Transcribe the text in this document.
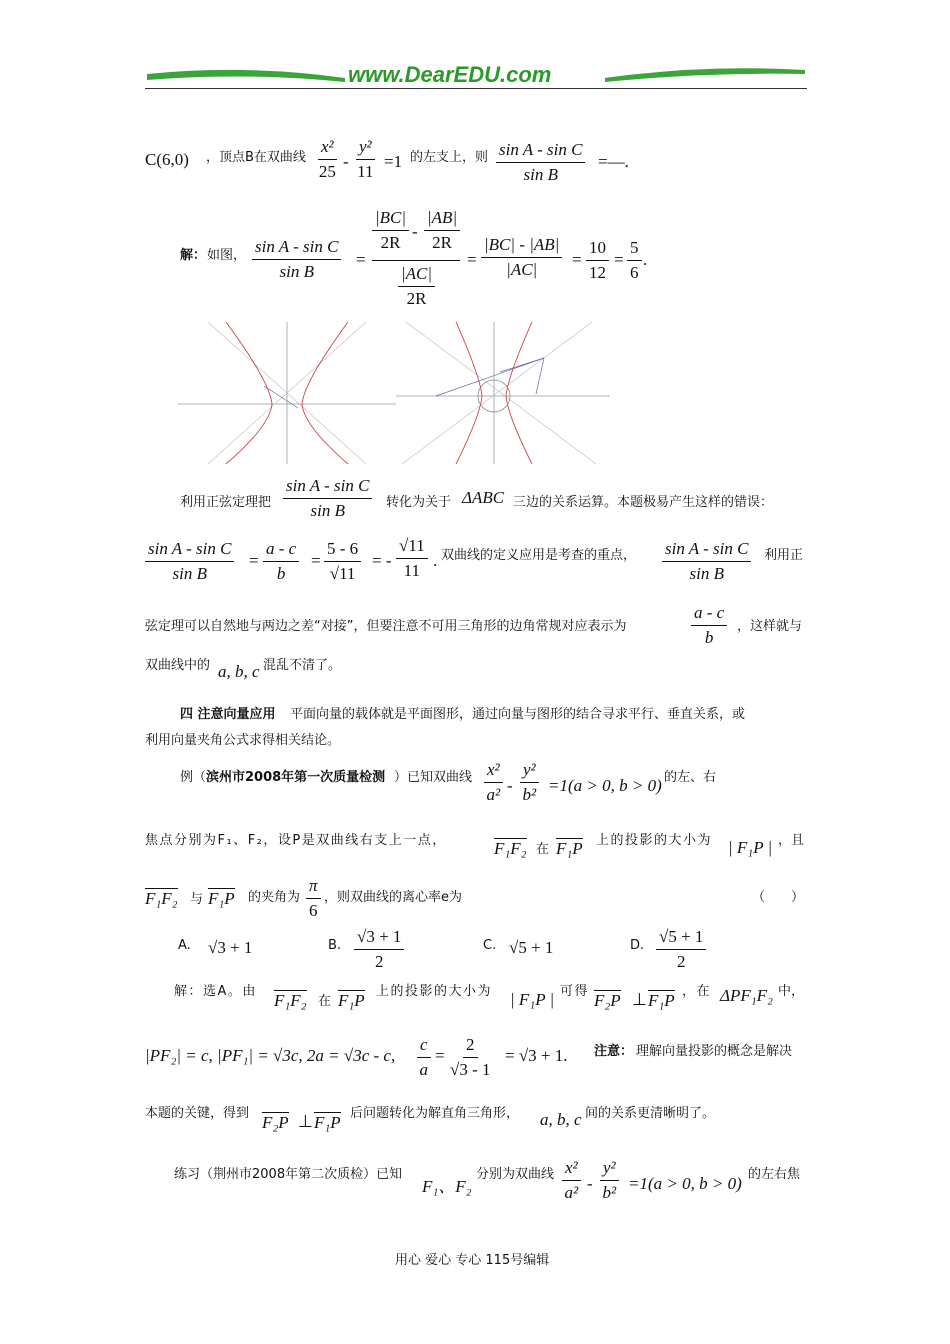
www.DearEDU.com
C(6,0) ，顶点B在双曲线 $\frac{\text{x²}}{25} - \frac{\text{y²}}{11} =1$ 的左支上，则 $\frac{\text{sin A - sin C}}{\text{sin B}}$ =—.
解： 如图， $\frac{\text{sin A - sin C}}{\text{sin B}}$ =
$\frac{|BC|}{2R} - \frac{|AB|}{2R}$
$\frac{|AC|}{2R}$
= $\frac{|BC| - |AB|}{|AC|} = \frac{10}{12} = \frac{5}{6}$ .
利用正弦定理把 $\frac{\text{sin A - sin C}}{\text{sin B}}$ 转化为关于 ΔABC 三边的关系运算。本题极易产生这样的错误：
$\frac{\text{sin A - sin C}}{\text{sin B}} = \frac{a - c}{b} = \frac{5 - 6}{√11}$ = - $\frac{√11}{11}$ . 双曲线的定义应用是考查的重点， $\frac{\text{sin A - sin C}}{\text{sin B}}$ 利用正
弦定理可以自然地与两边之差“对接”，但要注意不可用三角形的边角常规对应表示为	$\frac{a - c}{b}$ ，这样就与
双曲线中的 a, b, c 混乱不清了。
四 注意向量应用 平面向量的载体就是平面图形，通过向量与图形的结合寻求平行、垂直关系，或
利用向量夹角公式求得相关结论。
例（ 滨州市2008年第一次质量检测 ）已知双曲线 $\frac{\text{x²}}{\text{a²}} - \frac{\text{y²}}{\text{b²}} =1(a > 0$, b > 0) 的左、右
焦点分别为F₁、F₂，设P是双曲线右支上一点，	F₁F₂ 在 F₁P 上的投影的大小为 | F₁P | ，且
F₁F₂ 与 F₁P 的夹角为 $\frac{\pi}{6}$ ，则双曲线的离心率e为	（　　）
A. √3 + 1	B. $\frac{√3 + 1}{2}$	C. √5 + 1	D. $\frac{√5 + 1}{2}$
解：选A。由 F₁F₂ 在 F₁P 上的投影的大小为 | F₁P | 可得 F₂P ⊥ F₁P ，在 ΔPF₁F₂ 中，
|PF₂| = c, |PF₁| = √3c, 2a = √3c - c, $\frac{c}{a} = \frac{2}{√3 - 1} = √3 + 1$. 注意： 理解向量投影的概念是解决
本题的关键，得到 F₂P ⊥ F₁P 后问题转化为解直角三角形， a, b, c 间的关系更清晰明了。
练习（荆州市2008年第二次质检）已知
F₁、F₂
分别为双曲线 $\frac{\text{x²}}{\text{a²}} - \frac{\text{y²}}{\text{b²}} =1(a > 0$, b > 0) 的左右焦
用心 爱心 专心 115号编辑
